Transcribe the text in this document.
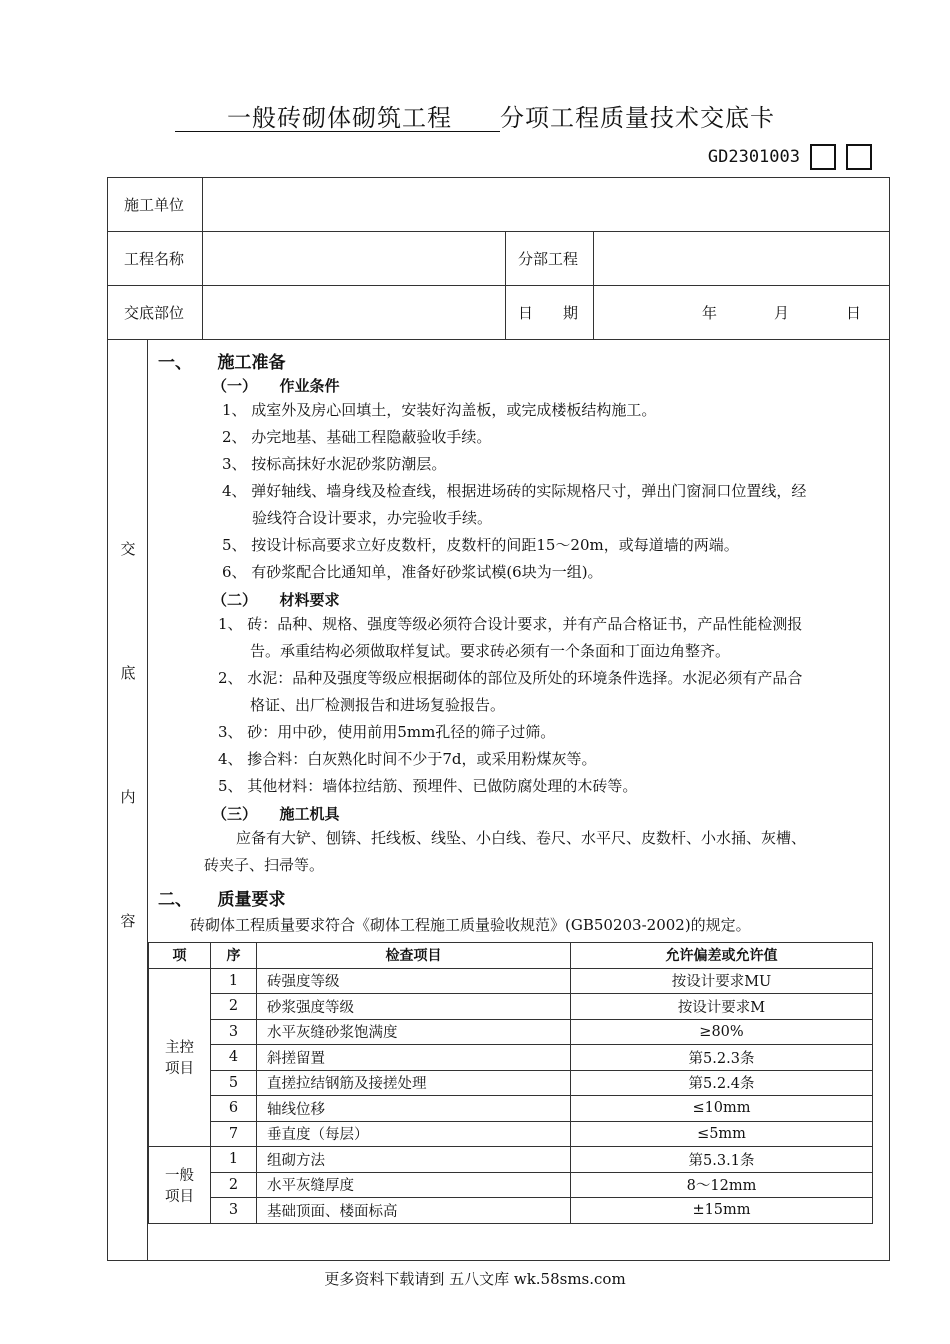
一般砖砌体砌筑工程 分项工程质量技术交底卡
GD2301003
施工单位	
工程名称		分部工程	
交底部位		日　　期	年	月	日

交
底
内
容

一、　　施工准备
（一）　　作业条件
1、 成室外及房心回填土，安装好沟盖板，或完成楼板结构施工。
2、 办完地基、基础工程隐蔽验收手续。
3、 按标高抹好水泥砂浆防潮层。
4、 弹好轴线、墙身线及检查线，根据进场砖的实际规格尺寸，弹出门窗洞口位置线，经
验线符合设计要求，办完验收手续。
5、 按设计标高要求立好皮数杆，皮数杆的间距15～20m，或每道墙的两端。
6、 有砂浆配合比通知单，准备好砂浆试模(6块为一组)。
（二）　　材料要求
1、 砖：品种、规格、强度等级必须符合设计要求，并有产品合格证书，产品性能检测报
告。承重结构必须做取样复试。要求砖必须有一个条面和丁面边角整齐。
2、 水泥：品种及强度等级应根据砌体的部位及所处的环境条件选择。水泥必须有产品合
格证、出厂检测报告和进场复验报告。
3、 砂：用中砂，使用前用5mm孔径的筛子过筛。
4、 掺合料：白灰熟化时间不少于7d，或采用粉煤灰等。
5、 其他材料：墙体拉结筋、预埋件、已做防腐处理的木砖等。
（三）　　施工机具
应备有大铲、刨锛、托线板、线坠、小白线、卷尺、水平尺、皮数杆、小水捅、灰槽、
砖夹子、扫帚等。
二、　　质量要求
砖砌体工程质量要求符合《砌体工程施工质量验收规范》(GB50203-2002)的规定。
项	序	检查项目	允许偏差或允许值

主控
项目
	1	砖强度等级	按设计要求MU
2	砂浆强度等级	按设计要求M
3	水平灰缝砂浆饱满度	≥80%
4	斜搓留置	第5.2.3条
5	直搓拉结钢筋及接搓处理	第5.2.4条
6	轴线位移	≤10mm
7	垂直度（每层）	≤5mm

一般
项目
	1	组砌方法	第5.3.1条
2	水平灰缝厚度	8～12mm
3	基础顶面、楼面标高	±15mm
更多资料下载请到 五八文库 wk.58sms.com
